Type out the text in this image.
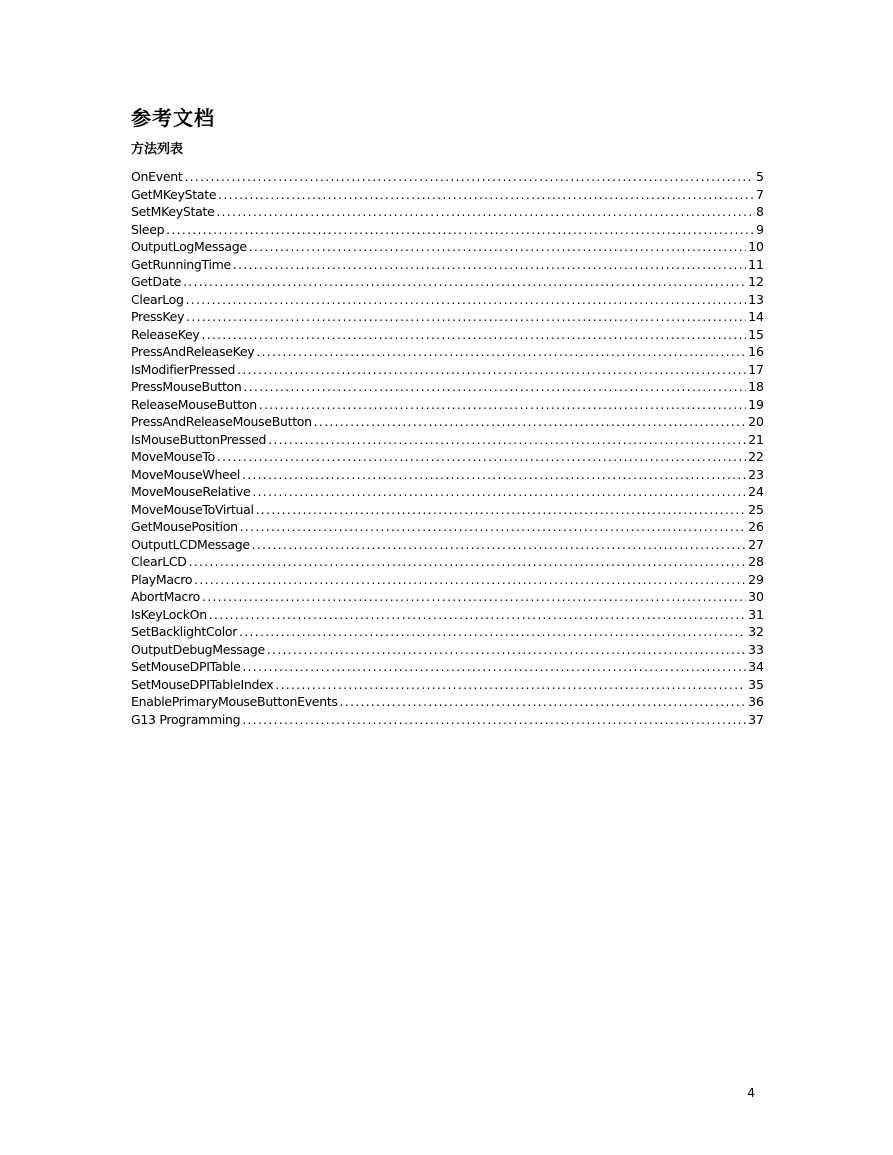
参考文档
方法列表
OnEvent .....	5
GetMKeyState .....	7
SetMKeyState .....	8
Sleep .....	9
OutputLogMessage .....	10
GetRunningTime .....	11
GetDate .....	12
ClearLog .....	13
PressKey .....	14
ReleaseKey .....	15
PressAndReleaseKey .....	16
IsModifierPressed .....	17
PressMouseButton .....	18
ReleaseMouseButton .....	19
PressAndReleaseMouseButton .....	20
IsMouseButtonPressed .....	21
MoveMouseTo .....	22
MoveMouseWheel .....	23
MoveMouseRelative .....	24
MoveMouseToVirtual .....	25
GetMousePosition .....	26
OutputLCDMessage .....	27
ClearLCD .....	28
PlayMacro .....	29
AbortMacro .....	30
IsKeyLockOn .....	31
SetBacklightColor .....	32
OutputDebugMessage .....	33
SetMouseDPITable .....	34
SetMouseDPITableIndex .....	35
EnablePrimaryMouseButtonEvents .....	36
G13 Programming .....	37
4
